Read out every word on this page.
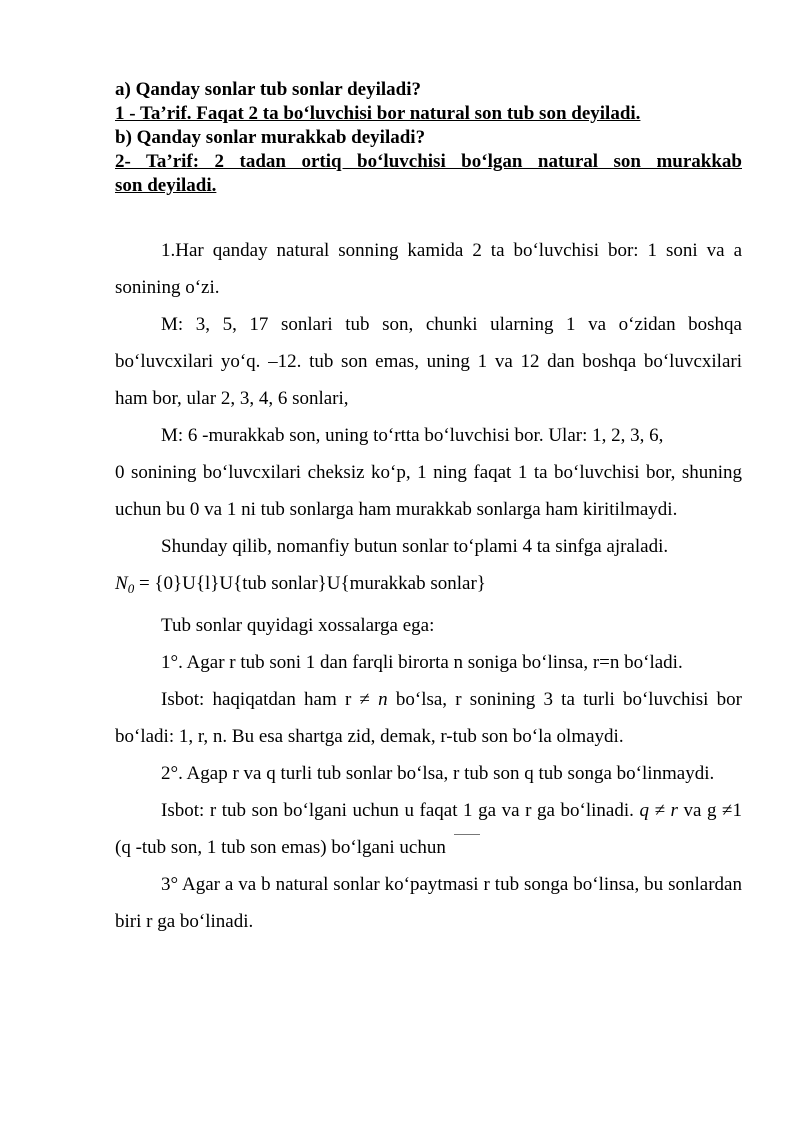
a) Qanday sonlar tub sonlar deyiladi?

1 - Ta’rif. Faqat 2 ta bo‘luvchisi bor natural son tub son deyiladi.

b) Qanday sonlar murakkab deyiladi?

2- Ta’rif: 2 tadan ortiq bo‘luvchisi bo‘lgan natural son murakkab

son deyiladi.

1.Har qanday natural sonning kamida 2 ta bo‘luvchisi bor: 1 soni va a sonining o‘zi.

M: 3, 5, 17 sonlari tub son, chunki ularning 1 va o‘zidan boshqa bo‘luvcxilari yo‘q. –12. tub son emas, uning 1 va 12 dan boshqa bo‘luvcxilari ham bor, ular 2, 3, 4, 6 sonlari,

M: 6 -murakkab son, uning to‘rtta bo‘luvchisi bor. Ular: 1, 2, 3, 6,

0 sonining bo‘luvcxilari cheksiz ko‘p, 1 ning faqat 1 ta bo‘luvchisi bor, shuning uchun bu 0 va 1 ni tub sonlarga ham murakkab sonlarga ham kiritilmaydi.

Shunday qilib, nomanfiy butun sonlar to‘plami 4 ta sinfga ajraladi.

$N_0 = \{0\}U\{l\}U\{tub$ sonlar}U{murakkab sonlar}

Tub sonlar quyidagi xossalarga ega:

1°. Agar r tub soni 1 dan farqli birorta n soniga bo‘linsa, r=n bo‘ladi.

Isbot: haqiqatdan ham r ≠ n bo‘lsa, r sonining 3 ta turli bo‘luvchisi bor bo‘ladi: 1, r, n. Bu esa shartga zid, demak, r-tub son bo‘la olmaydi.

2°. Agap r va q turli tub sonlar bo‘lsa, r tub son q tub songa bo‘linmaydi.

Isbot: r tub son bo‘lgani uchun u faqat 1 ga va r ga bo‘linadi. q ≠ r va g ≠1 (q -tub son, 1 tub son emas) bo‘lgani uchun

3° Agar a va b natural sonlar ko‘paytmasi r tub songa bo‘linsa, bu sonlardan biri r ga bo‘linadi.
